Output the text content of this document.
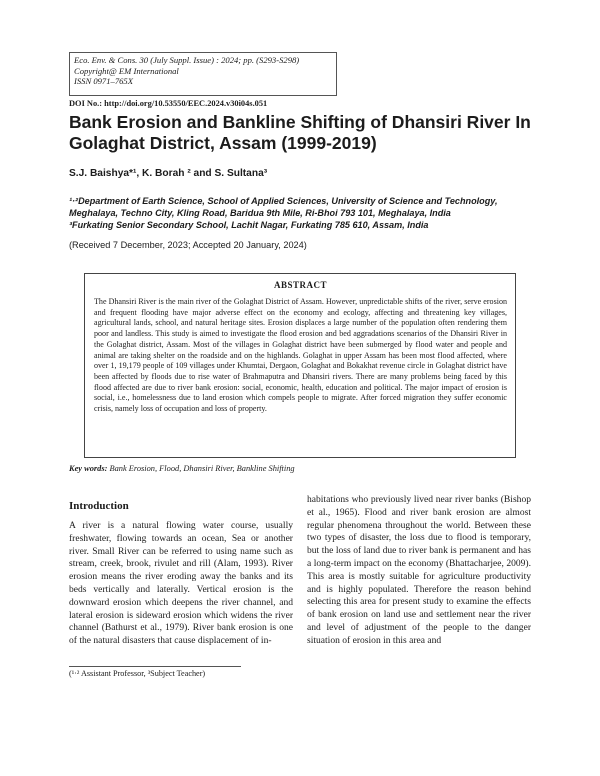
Eco. Env. & Cons. 30 (July Suppl. Issue) : 2024; pp. (S293-S298)
Copyright@ EM International
ISSN 0971–765X
DOI No.: http://doi.org/10.53550/EEC.2024.v30i04s.051
Bank Erosion and Bankline Shifting of Dhansiri River In Golaghat District, Assam (1999-2019)
S.J. Baishya*¹, K. Borah ² and S. Sultana³
¹·²Department of Earth Science, School of Applied Sciences, University of Science and Technology,
Meghalaya, Techno City, Kling Road, Baridua 9th Mile, Ri-Bhoi 793 101, Meghalaya, India
³Furkating Senior Secondary School, Lachit Nagar, Furkating 785 610, Assam, India
(Received 7 December, 2023; Accepted 20 January, 2024)
ABSTRACT
The Dhansiri River is the main river of the Golaghat District of Assam. However, unpredictable shifts of the river, serve erosion and frequent flooding have major adverse effect on the economy and ecology, affecting and threatening key villages, agricultural lands, school, and natural heritage sites. Erosion displaces a large number of the population often rendering them poor and landless. This study is aimed to investigate the flood erosion and bed aggradations scenarios of the Dhansiri River in the Golaghat district, Assam. Most of the villages in Golaghat district have been submerged by flood water and people and animal are taking shelter on the roadside and on the highlands. Golaghat in upper Assam has been most flood affected, where over 1, 19,179 people of 109 villages under Khumtai, Dergaon, Golaghat and Bokakhat revenue circle in Golaghat district have been affected by floods due to rise water of Brahmaputra and Dhansiri rivers. There are many problems being faced by this flood affected are due to river bank erosion: social, economic, health, education and political. The major impact of erosion is social, i.e., homelessness due to land erosion which compels people to migrate. After forced migration they suffer economic crisis, namely loss of occupation and loss of property.
Key words: Bank Erosion, Flood, Dhansiri River, Bankline Shifting
Introduction

A river is a natural flowing water course, usually freshwater, flowing towards an ocean, Sea or another river. Small River can be referred to using name such as stream, creek, brook, rivulet and rill (Alam, 1993). River erosion means the river eroding away the banks and its beds vertically and laterally. Vertical erosion is the downward erosion which deepens the river channel, and lateral erosion is sideward erosion which widens the river channel (Bathurst et al., 1979). River bank erosion is one of the natural disasters that cause displacement of in-

habitations who previously lived near river banks (Bishop et al., 1965). Flood and river bank erosion are almost regular phenomena throughout the world. Between these two types of disaster, the loss due to flood is temporary, but the loss of land due to river bank is permanent and has a long-term impact on the economy (Bhattacharjee, 2009). This area is mostly suitable for agriculture productivity and is highly populated. Therefore the reason behind selecting this area for present study to examine the effects of bank erosion on land use and settlement near the river and level of adjustment of the people to the danger situation of erosion in this area and

(¹·² Assistant Professor, ³Subject Teacher)
